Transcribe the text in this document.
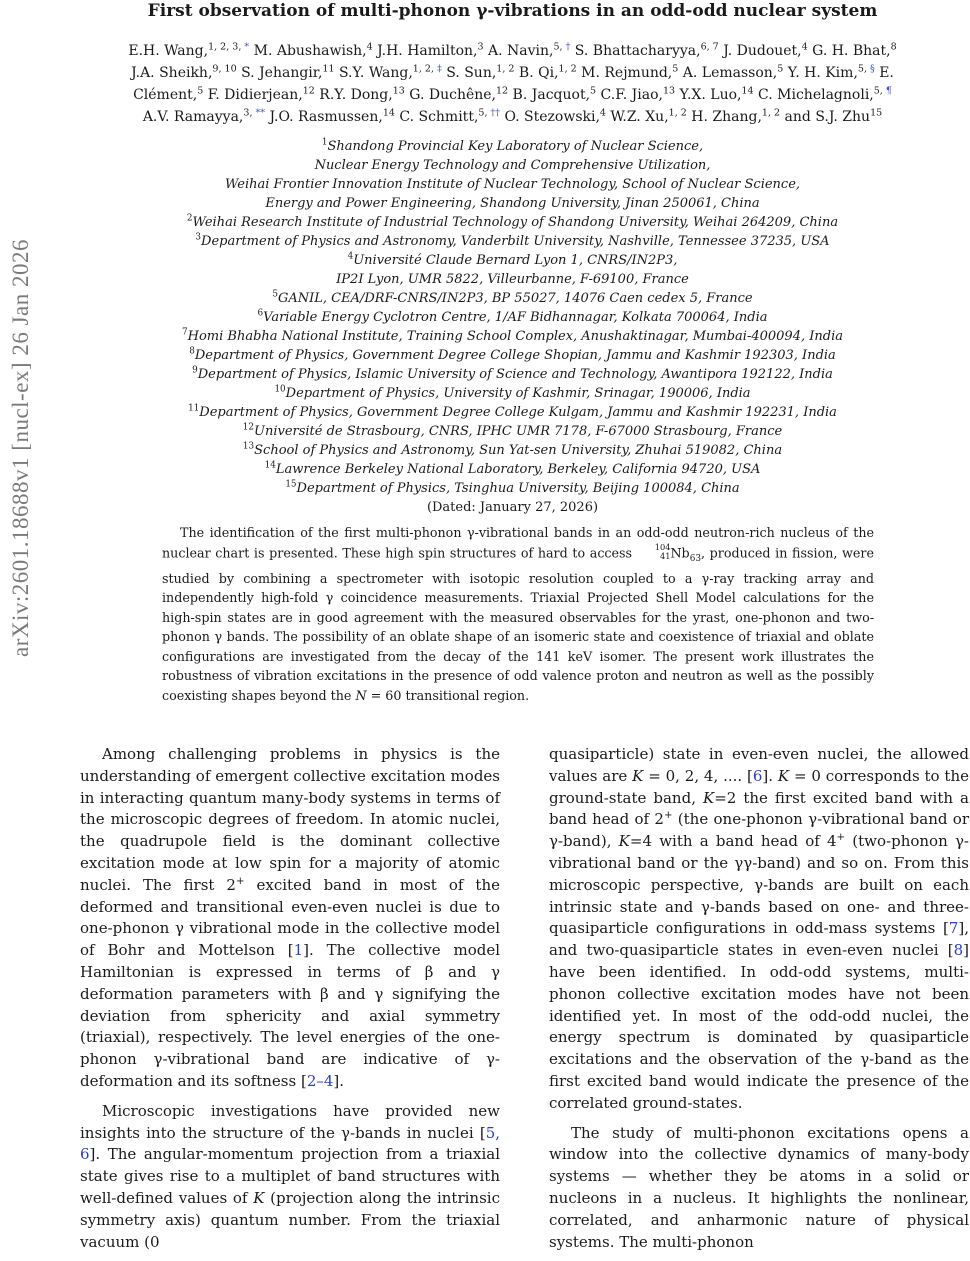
arXiv:2601.18688v1 [nucl-ex] 26 Jan 2026
First observation of multi-phonon γ-vibrations in an odd-odd nuclear system
E.H. Wang,$^{1, 2, 3, *}$ M. Abushawish,$^4$ J.H. Hamilton,$^3$ A. Navin,$^{5, \dagger}$ S. Bhattacharyya,$^{6, 7}$ J. Dudouet,$^4$ G. H. Bhat,$^8$
J.A. Sheikh,$^{9, 10}$ S. Jehangir,$^{11}$ S.Y. Wang,$^{1, 2, \ddagger}$ S. Sun,$^{1, 2}$ B. Qi,$^{1, 2}$ M. Rejmund,$^5$ A. Lemasson,$^5$ Y. H. Kim,$^{5, \S}$ E.
Clément,$^5$ F. Didierjean,$^{12}$ R.Y. Dong,$^{13}$ G. Duchêne,$^{12}$ B. Jacquot,$^5$ C.F. Jiao,$^{13}$ Y.X. Luo,$^{14}$ C. Michelagnoli,$^{5, \P}$
A.V. Ramayya,$^{3, **}$ J.O. Rasmussen,$^{14}$ C. Schmitt,$^{5, \dagger\dagger}$ O. Stezowski,$^4$ W.Z. Xu,$^{1, 2}$ H. Zhang,$^{1, 2}$ and S.J. Zhu$^{15}$
$^1$Shandong Provincial Key Laboratory of Nuclear Science,
Nuclear Energy Technology and Comprehensive Utilization,
Weihai Frontier Innovation Institute of Nuclear Technology, School of Nuclear Science,
Energy and Power Engineering, Shandong University, Jinan 250061, China
$^2$Weihai Research Institute of Industrial Technology of Shandong University, Weihai 264209, China
$^3$Department of Physics and Astronomy, Vanderbilt University, Nashville, Tennessee 37235, USA
$^4$Université Claude Bernard Lyon 1, CNRS/IN2P3,
IP2I Lyon, UMR 5822, Villeurbanne, F-69100, France
$^5$GANIL, CEA/DRF-CNRS/IN2P3, BP 55027, 14076 Caen cedex 5, France
$^6$Variable Energy Cyclotron Centre, 1/AF Bidhannagar, Kolkata 700064, India
$^7$Homi Bhabha National Institute, Training School Complex, Anushaktinagar, Mumbai-400094, India
$^8$Department of Physics, Government Degree College Shopian, Jammu and Kashmir 192303, India
$^9$Department of Physics, Islamic University of Science and Technology, Awantipora 192122, India
$^{10}$Department of Physics, University of Kashmir, Srinagar, 190006, India
$^{11}$Department of Physics, Government Degree College Kulgam, Jammu and Kashmir 192231, India
$^{12}$Université de Strasbourg, CNRS, IPHC UMR 7178, F-67000 Strasbourg, France
$^{13}$School of Physics and Astronomy, Sun Yat-sen University, Zhuhai 519082, China
$^{14}$Lawrence Berkeley National Laboratory, Berkeley, California 94720, USA
$^{15}$Department of Physics, Tsinghua University, Beijing 100084, China
(Dated: January 27, 2026)

The identification of the first multi-phonon γ-vibrational bands in an odd-odd neutron-rich nucleus of the nuclear chart is presented. These high spin structures of hard to access	104
41 $Nb_{63}$, produced in fission, were studied by combining a spectrometer with isotopic resolution coupled to a γ-ray tracking array and independently high-fold γ coincidence measurements. Triaxial Projected Shell Model calculations for the high-spin states are in good agreement with the measured observables for the yrast, one-phonon and two-phonon γ bands. The possibility of an oblate shape of an isomeric state and coexistence of triaxial and oblate configurations are investigated from the decay of the 141 keV isomer. The present work illustrates the robustness of vibration excitations in the presence of odd valence proton and neutron as well as the possibly coexisting shapes beyond the N = 60 transitional region.

Among challenging problems in physics is the understanding of emergent collective excitation modes in interacting quantum many-body systems in terms of the microscopic degrees of freedom. In atomic nuclei, the quadrupole field is the dominant collective excitation mode at low spin for a majority of atomic nuclei. The first 2+ excited band in most of the deformed and transitional even-even nuclei is due to one-phonon γ vibrational mode in the collective model of Bohr and Mottelson [1]. The collective model Hamiltonian is expressed in terms of β and γ deformation parameters with β and γ signifying the deviation from sphericity and axial symmetry (triaxial), respectively. The level energies of the one-phonon γ-vibrational band are indicative of γ-deformation and its softness [2–4].

Microscopic investigations have provided new insights into the structure of the γ-bands in nuclei [5, 6]. The angular-momentum projection from a triaxial state gives rise to a multiplet of band structures with well-defined values of K (projection along the intrinsic symmetry axis) quantum number. From the triaxial vacuum (0

quasiparticle) state in even-even nuclei, the allowed values are K = 0, 2, 4, .... [6]. K = 0 corresponds to the ground-state band, K=2 the first excited band with a band head of 2+ (the one-phonon γ-vibrational band or γ-band), K=4 with a band head of 4+ (two-phonon γ-vibrational band or the γγ-band) and so on. From this microscopic perspective, γ-bands are built on each intrinsic state and γ-bands based on one- and three- quasiparticle configurations in odd-mass systems [7], and two-quasiparticle states in even-even nuclei [8] have been identified. In odd-odd systems, multi-phonon collective excitation modes have not been identified yet. In most of the odd-odd nuclei, the energy spectrum is dominated by quasiparticle excitations and the observation of the γ-band as the first excited band would indicate the presence of the correlated ground-states.

The study of multi-phonon excitations opens a window into the collective dynamics of many-body systems — whether they be atoms in a solid or nucleons in a nucleus. It highlights the nonlinear, correlated, and anharmonic nature of physical systems. The multi-phonon
